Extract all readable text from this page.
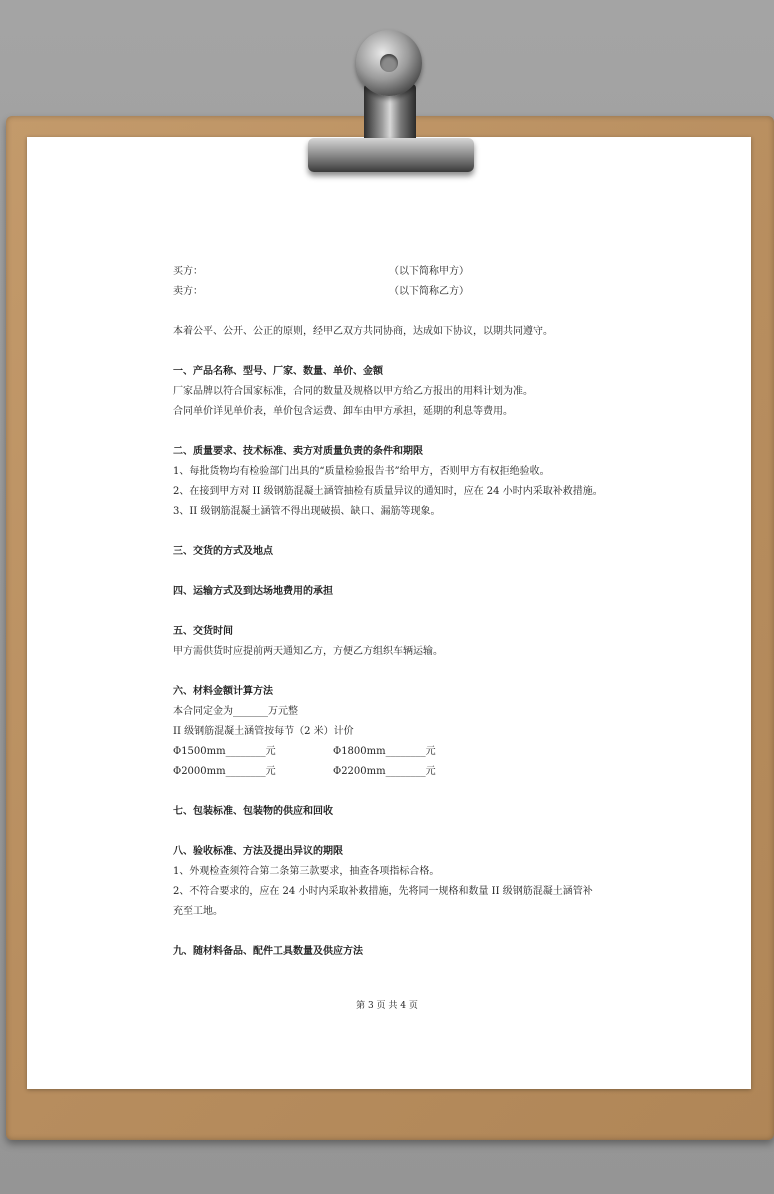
买方：	（以下简称甲方）
卖方：	（以下简称乙方）
本着公平、公开、公正的原则，经甲乙双方共同协商，达成如下协议，以期共同遵守。
一、产品名称、型号、厂家、数量、单价、金额
厂家品牌以符合国家标准，合同的数量及规格以甲方给乙方报出的用料计划为准。
合同单价详见单价表，单价包含运费、卸车由甲方承担，延期的利息等费用。
二、质量要求、技术标准、卖方对质量负责的条件和期限
1、每批货物均有检验部门出具的“质量检验报告书”给甲方，否则甲方有权拒绝验收。
2、在接到甲方对 II 级钢筋混凝土涵管抽检有质量异议的通知时，应在 24 小时内采取补救措施。
3、II 级钢筋混凝土涵管不得出现破损、缺口、漏筋等现象。
三、交货的方式及地点
四、运输方式及到达场地费用的承担
五、交货时间
甲方需供货时应提前两天通知乙方，方便乙方组织车辆运输。
六、材料金额计算方法
本合同定金为_______万元整
II 级钢筋混凝土涵管按每节（2 米）计价
Φ1500mm________元	Φ1800mm________元
Φ2000mm________元	Φ2200mm________元
七、包装标准、包装物的供应和回收
八、验收标准、方法及提出异议的期限
1、外观检查须符合第二条第三款要求，抽查各项指标合格。
2、不符合要求的，应在 24 小时内采取补救措施，先将同一规格和数量 II 级钢筋混凝土涵管补
充至工地。
九、随材料备品、配件工具数量及供应方法
第 3 页 共 4 页
